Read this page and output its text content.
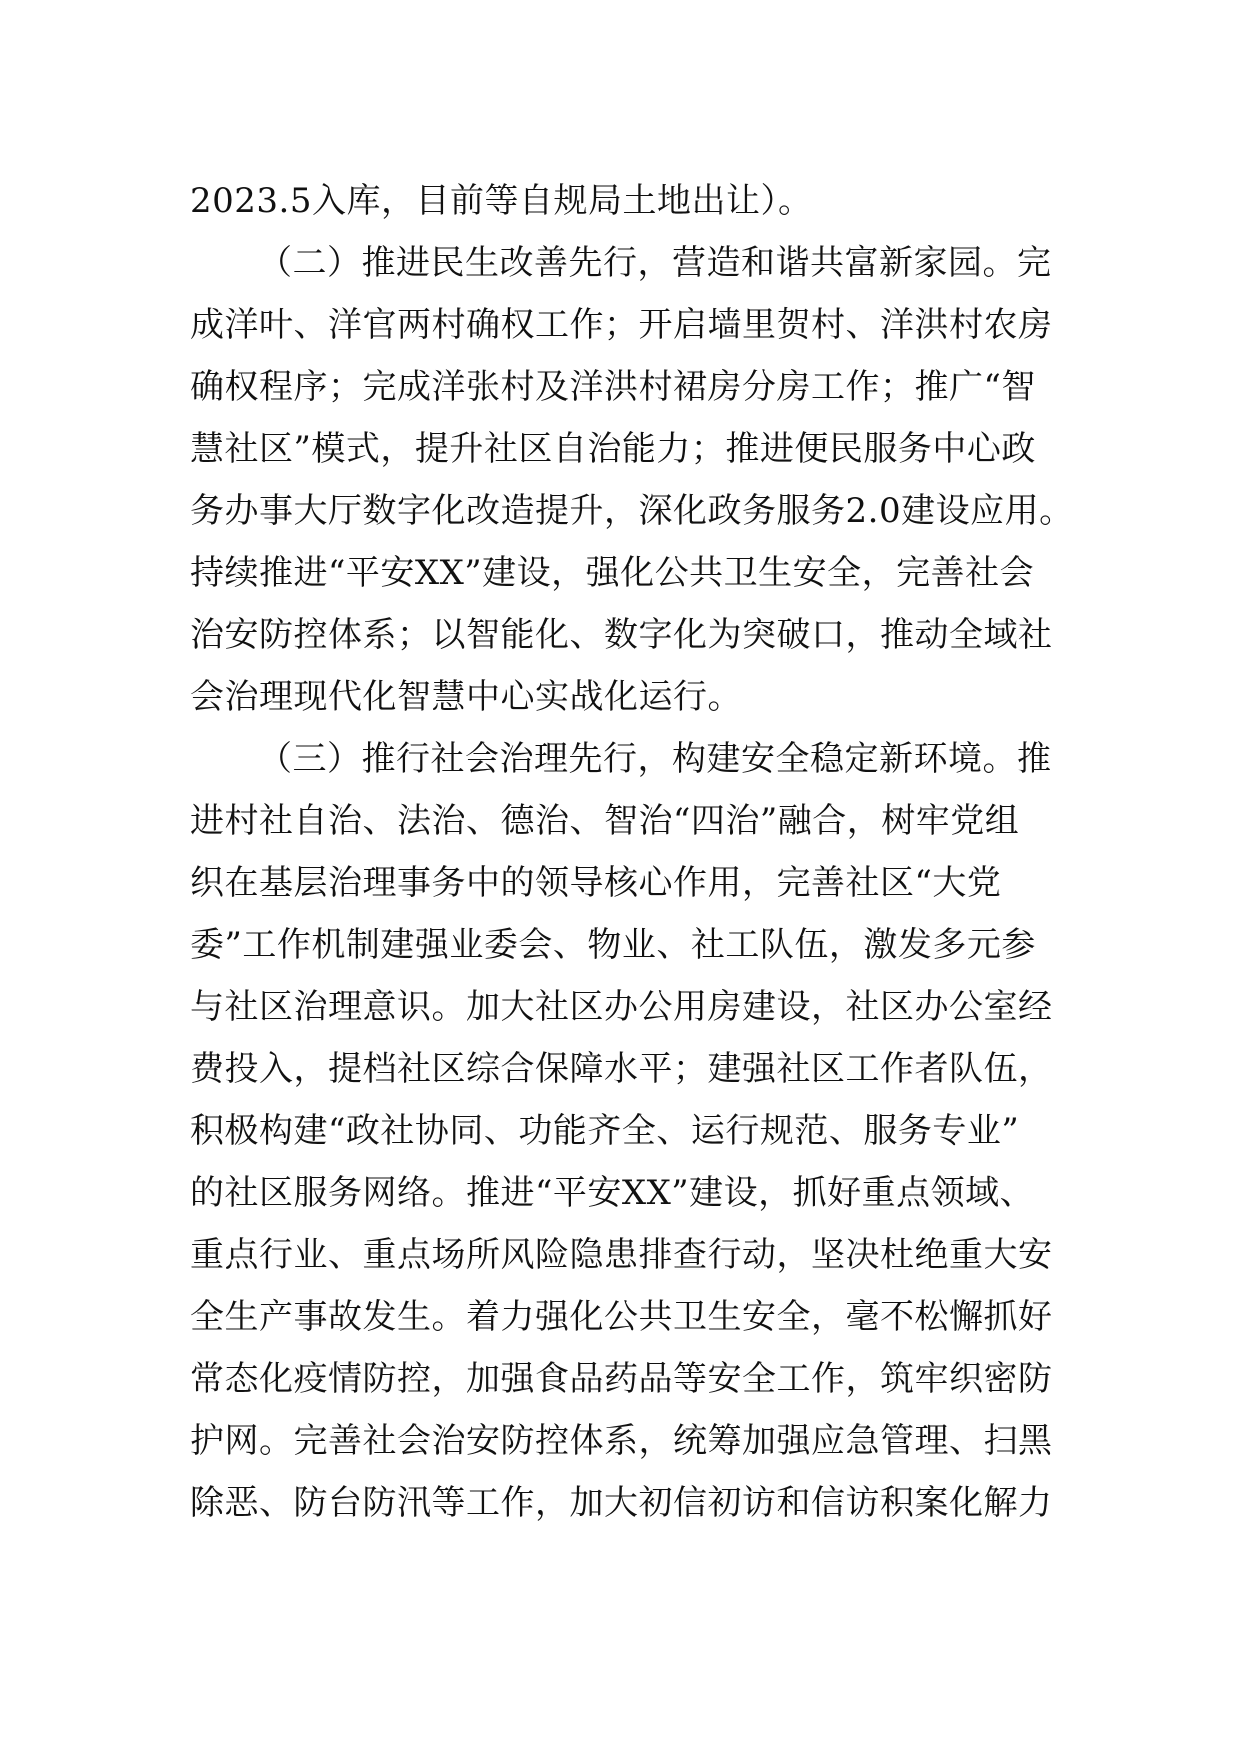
2023.5入库，目前等自规局土地出让）。
（二）推进民生改善先行，营造和谐共富新家园。完
成洋叶、洋官两村确权工作；开启墙里贺村、洋洪村农房
确权程序；完成洋张村及洋洪村裙房分房工作；推广“智
慧社区”模式，提升社区自治能力；推进便民服务中心政
务办事大厅数字化改造提升，深化政务服务2.0建设应用。
持续推进“平安XX”建设，强化公共卫生安全，完善社会
治安防控体系；以智能化、数字化为突破口，推动全域社
会治理现代化智慧中心实战化运行。
（三）推行社会治理先行，构建安全稳定新环境。推
进村社自治、法治、德治、智治“四治”融合，树牢党组
织在基层治理事务中的领导核心作用，完善社区“大党
委”工作机制建强业委会、物业、社工队伍，激发多元参
与社区治理意识。加大社区办公用房建设，社区办公室经
费投入，提档社区综合保障水平；建强社区工作者队伍，
积极构建“政社协同、功能齐全、运行规范、服务专业”
的社区服务网络。推进“平安XX”建设，抓好重点领域、
重点行业、重点场所风险隐患排查行动，坚决杜绝重大安
全生产事故发生。着力强化公共卫生安全，毫不松懈抓好
常态化疫情防控，加强食品药品等安全工作，筑牢织密防
护网。完善社会治安防控体系，统筹加强应急管理、扫黑
除恶、防台防汛等工作，加大初信初访和信访积案化解力
